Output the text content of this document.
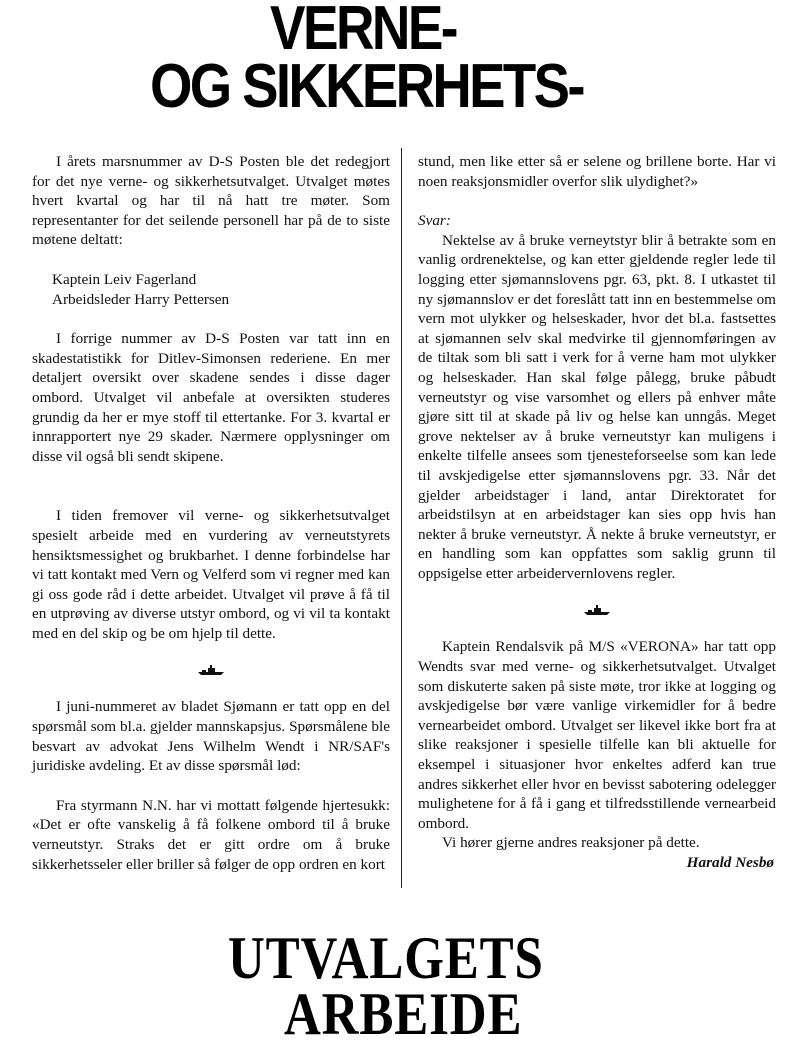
VERNE-
OG SIKKERHETS-

I årets marsnummer av D-S Posten ble det redegjort for det nye verne- og sikkerhetsutvalget. Utvalget møtes hvert kvartal og har til nå hatt tre møter. Som representanter for det seilende personell har på de to siste møtene deltatt:

Kaptein Leiv Fagerland
Arbeidsleder Harry Pettersen

I forrige nummer av D-S Posten var tatt inn en skadestatistikk for Ditlev-Simonsen rederiene. En mer detaljert oversikt over skadene sendes i disse dager ombord. Utvalget vil anbefale at oversikten studeres grundig da her er mye stoff til ettertanke. For 3. kvartal er innrapportert nye 29 skader. Nærmere opplysninger om disse vil også bli sendt skipene.

I tiden fremover vil verne- og sikkerhetsutvalget spesielt arbeide med en vurdering av verneutstyrets hensiktsmessighet og brukbarhet. I denne forbindelse har vi tatt kontakt med Vern og Velferd som vi regner med kan gi oss gode råd i dette arbeidet. Utvalget vil prøve å få til en utprøving av diverse utstyr ombord, og vi vil ta kontakt med en del skip og be om hjelp til dette.

I juni-nummeret av bladet Sjømann er tatt opp en del spørsmål som bl.a. gjelder mannskapsjus. Spørsmålene ble besvart av advokat Jens Wilhelm Wendt i NR/SAF's juridiske avdeling. Et av disse spørsmål lød:

Fra styrmann N.N. har vi mottatt følgende hjertesukk: «Det er ofte vanskelig å få folkene ombord til å bruke verneutstyr. Straks det er gitt ordre om å bruke sikkerhetsseler eller briller så følger de opp ordren en kort

stund, men like etter så er selene og brillene borte. Har vi noen reaksjonsmidler overfor slik ulydighet?»

Svar:

Nektelse av å bruke verneytstyr blir å betrakte som en vanlig ordrenektelse, og kan etter gjeldende regler lede til logging etter sjømannslovens pgr. 63, pkt. 8. I utkastet til ny sjømannslov er det foreslått tatt inn en bestemmelse om vern mot ulykker og helseskader, hvor det bl.a. fastsettes at sjømannen selv skal medvirke til gjennomføringen av de tiltak som bli satt i verk for å verne ham mot ulykker og helseskader. Han skal følge pålegg, bruke påbudt verneutstyr og vise varsomhet og ellers på enhver måte gjøre sitt til at skade på liv og helse kan unngås. Meget grove nektelser av å bruke verneutstyr kan muligens i enkelte tilfelle ansees som tjenesteforseelse som kan lede til avskjedigelse etter sjømannslovens pgr. 33. Når det gjelder arbeidstager i land, antar Direktoratet for arbeidstilsyn at en arbeidstager kan sies opp hvis han nekter å bruke verneutstyr. Å nekte å bruke verneutstyr, er en handling som kan oppfattes som saklig grunn til oppsigelse etter arbeidervernlovens regler.

Kaptein Rendalsvik på M/S «VERONA» har tatt opp Wendts svar med verne- og sikkerhetsutvalget. Utvalget som diskuterte saken på siste møte, tror ikke at logging og avskjedigelse bør være vanlige virkemidler for å bedre vernearbeidet ombord. Utvalget ser likevel ikke bort fra at slike reaksjoner i spesielle tilfelle kan bli aktuelle for eksempel i situasjoner hvor enkeltes adferd kan true andres sikkerhet eller hvor en bevisst sabotering odelegger mulighetene for å få i gang et tilfredsstillende vernearbeid ombord.

Vi hører gjerne andres reaksjoner på dette.

Harald Nesbø
UTVALGETS
ARBEIDE
